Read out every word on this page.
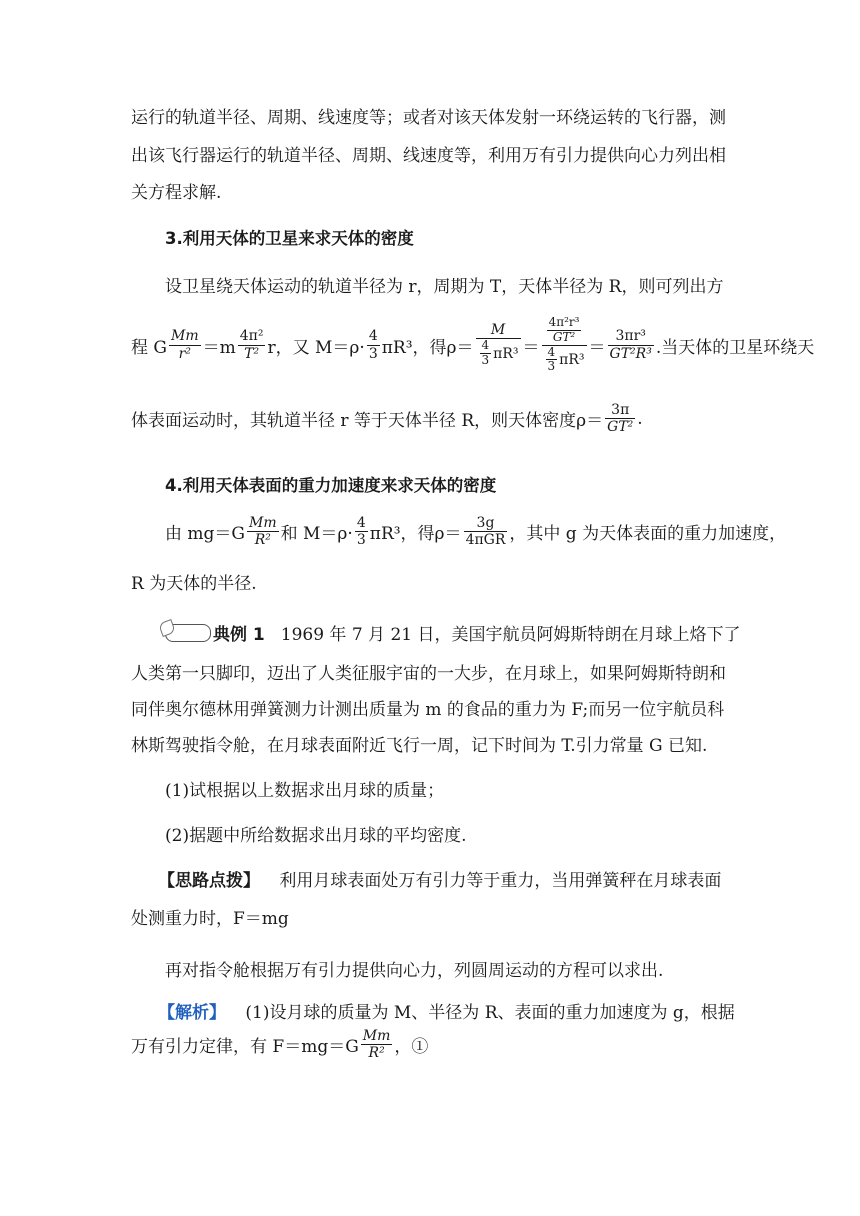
运行的轨道半径、周期、线速度等；或者对该天体发射一环绕运转的飞行器，测
出该飞行器运行的轨道半径、周期、线速度等，利用万有引力提供向心力列出相
关方程求解.
3.利用天体的卫星来求天体的密度
设卫星绕天体运动的轨道半径为 r，周期为 T，天体半径为 R，则可列出方
程 G $\frac{Mm}{\text{r²}} =m \frac{\text{4π²}}{\text{T²}}$ r，又 $M=\rho\cdot \frac{4}{3} \pi R^3$，得$\rho= \frac{M}{\frac{4}{3} \pi R^3} = \frac{\frac{\text{4π²r³}}{\text{GT²}}}{\frac{4}{3} \pi R^3} = \frac{\text{3πr³}}{\text{GT²R³}}$ .当天体的卫星环绕天
体表面运动时，其轨道半径 r 等于天体半径 R，则天体密度$\rho= \frac{3\pi}{\text{GT²}}$ .
4.利用天体表面的重力加速度来求天体的密度
由 $mg=G \frac{Mm}{\text{R²}}$ 和 $M=\rho\cdot \frac{4}{3} \pi R^3$，得$\rho= \frac{3g}{\text{4πGR}}$ ，其中 g 为天体表面的重力加速度，
R 为天体的半径.
典例 1 1969 年 7 月 21 日，美国宇航员阿姆斯特朗在月球上烙下了
人类第一只脚印，迈出了人类征服宇宙的一大步，在月球上，如果阿姆斯特朗和
同伴奥尔德林用弹簧测力计测出质量为 m 的食品的重力为 F;而另一位宇航员科
林斯驾驶指令舱，在月球表面附近飞行一周，记下时间为 T.引力常量 G 已知.
(1)试根据以上数据求出月球的质量；
(2)据题中所给数据求出月球的平均密度.
【思路点拨】 利用月球表面处万有引力等于重力，当用弹簧秤在月球表面
处测重力时，F＝mg
再对指令舱根据万有引力提供向心力，列圆周运动的方程可以求出.
【解析】 (1)设月球的质量为 M、半径为 R、表面的重力加速度为 g，根据
万有引力定律，有 $F=mg=G \frac{Mm}{\text{R²}}$ ，①
